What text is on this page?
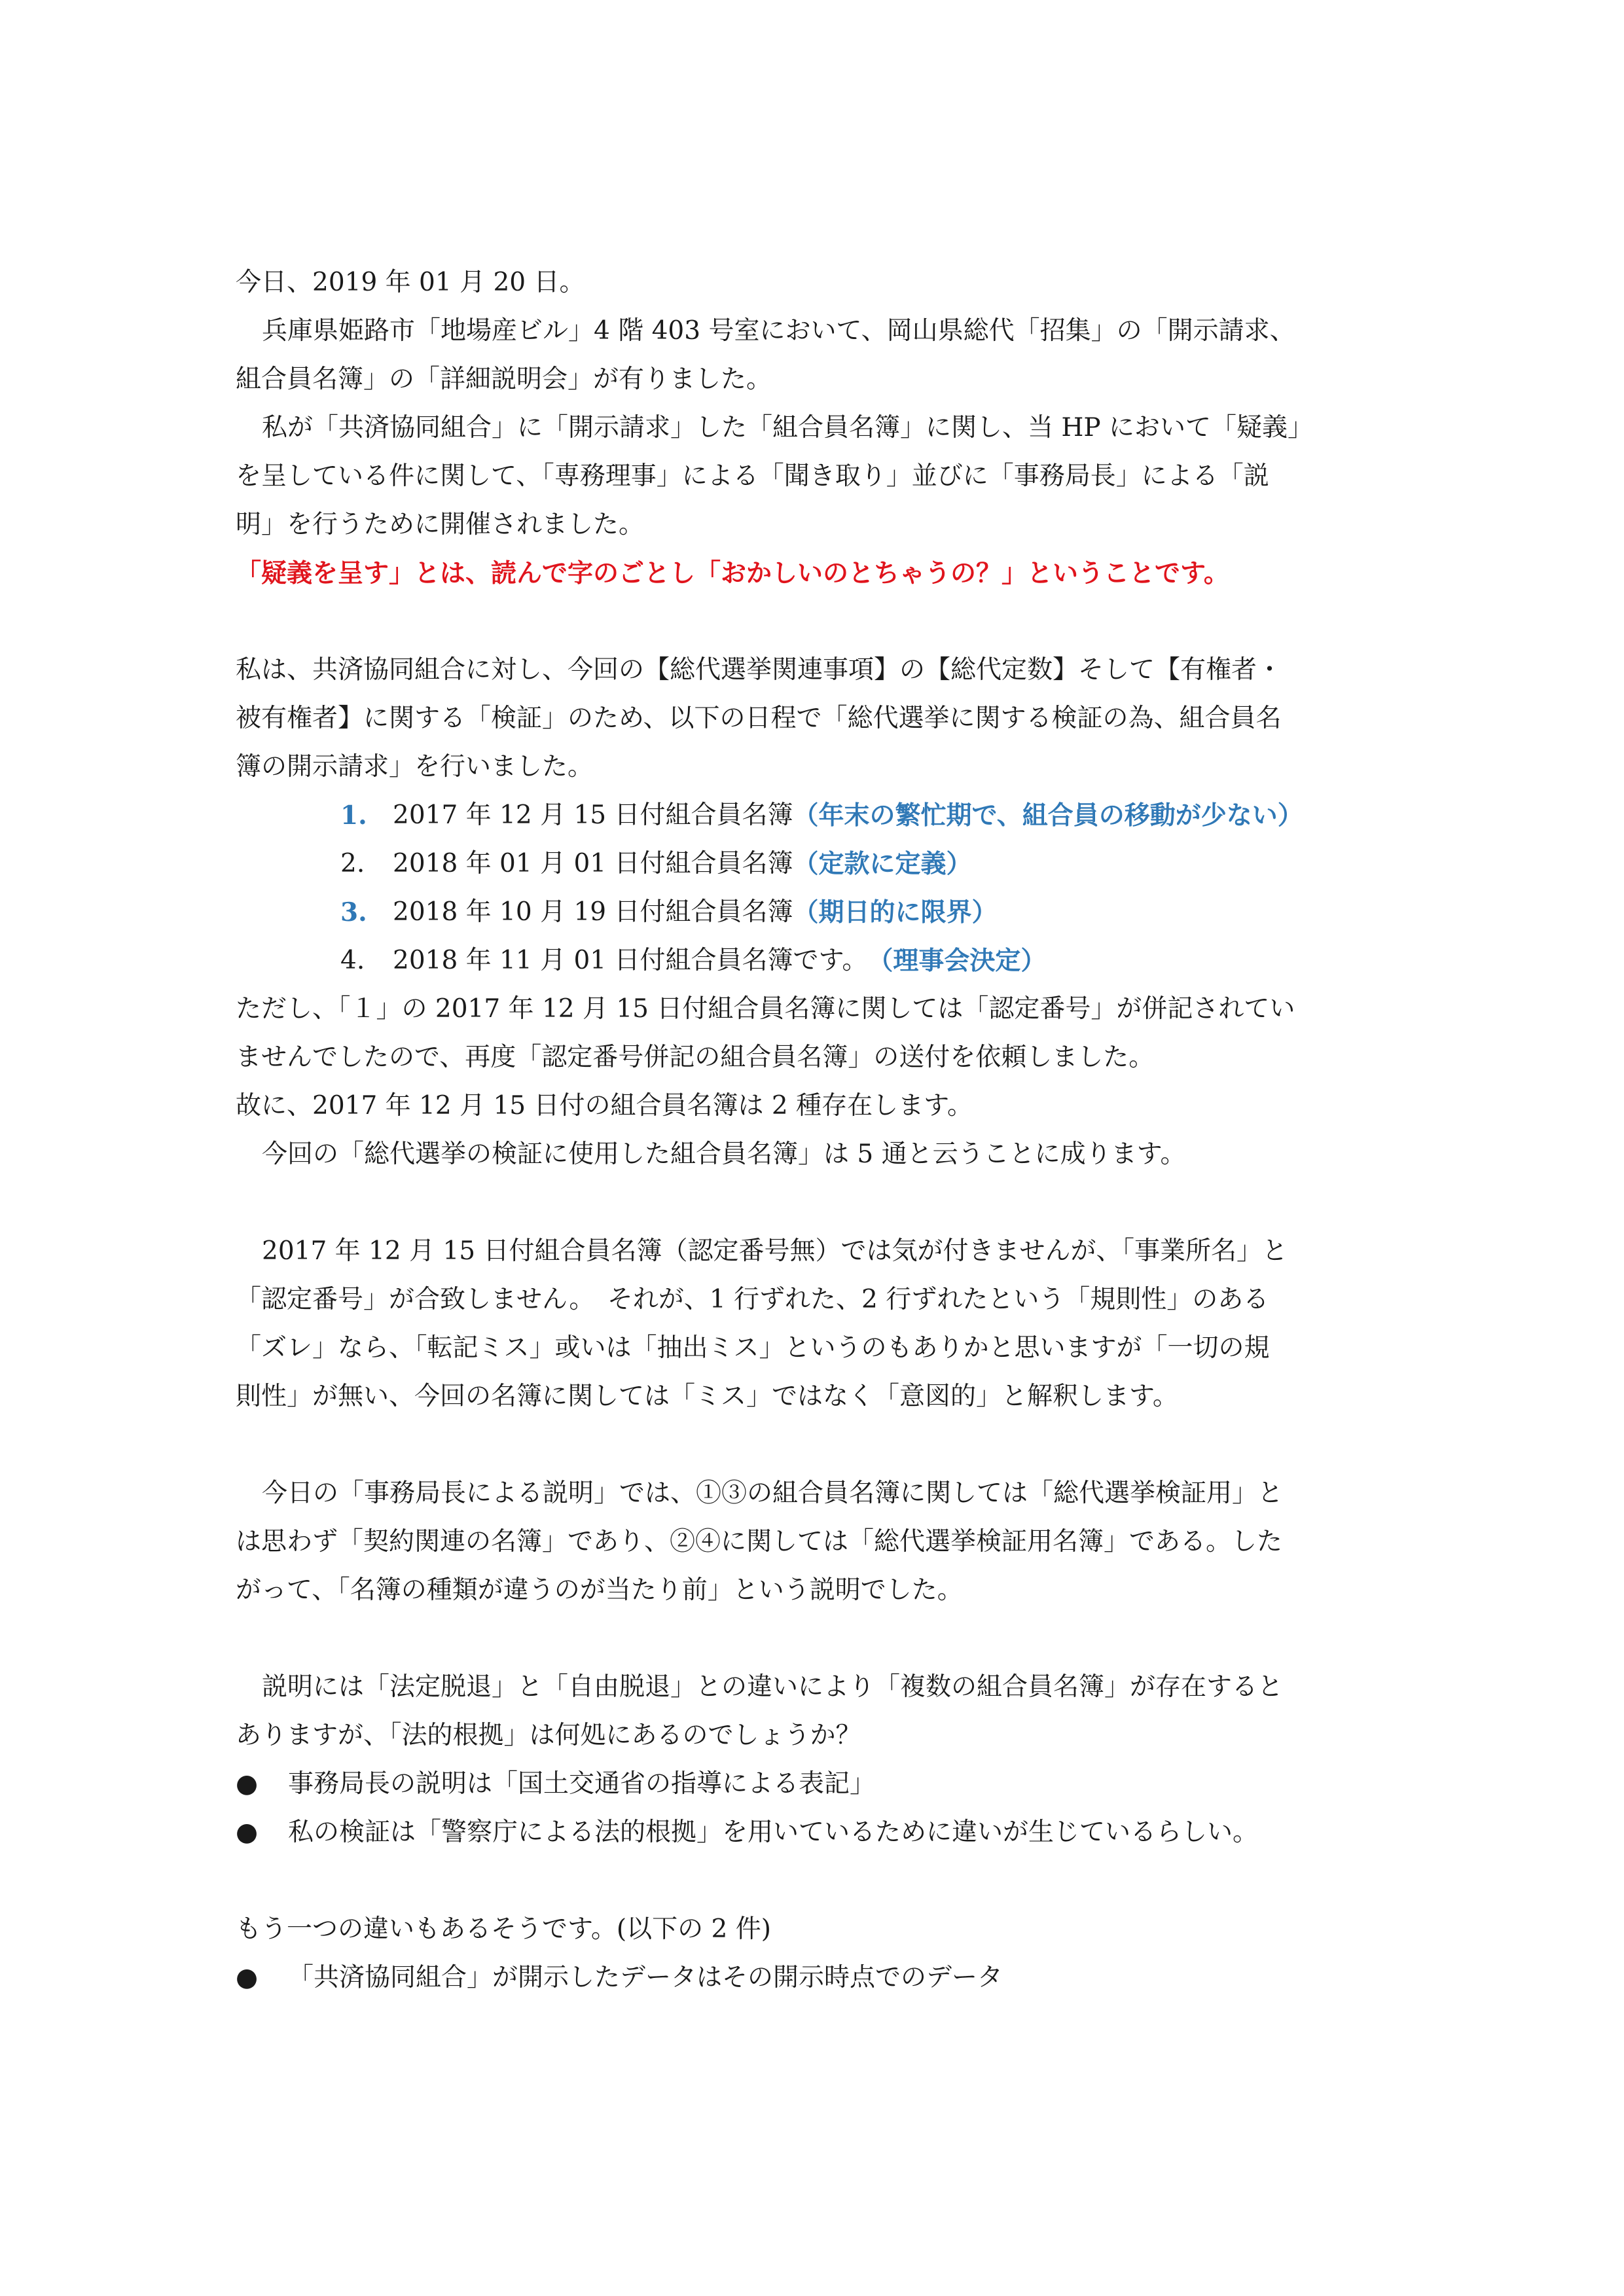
今日、2019 年 01 月 20 日。
兵庫県姫路市「地場産ビル」4 階 403 号室において、岡山県総代「招集」の「開示請求、
組合員名簿」の「詳細説明会」が有りました。
私が「共済協同組合」に「開示請求」した「組合員名簿」に関し、当 HP において「疑義」
を呈している件に関して、「専務理事」による「聞き取り」並びに「事務局長」による「説
明」を行うために開催されました。
「疑義を呈す」とは、読んで字のごとし「おかしいのとちゃうの？」ということです。
私は、共済協同組合に対し、今回の【総代選挙関連事項】の【総代定数】そして【有権者・
被有権者】に関する「検証」のため、以下の日程で「総代選挙に関する検証の為、組合員名
簿の開示請求」を行いました。
1.	2017 年 12 月 15 日付組合員名簿 （年末の繁忙期で、組合員の移動が少ない）
2.	2018 年 01 月 01 日付組合員名簿 （定款に定義）
3.	2018 年 10 月 19 日付組合員名簿 （期日的に限界）
4.	2018 年 11 月 01 日付組合員名簿です。 （理事会決定）
ただし、「１」の 2017 年 12 月 15 日付組合員名簿に関しては「認定番号」が併記されてい
ませんでしたので、再度「認定番号併記の組合員名簿」の送付を依頼しました。
故に、2017 年 12 月 15 日付の組合員名簿は 2 種存在します。
今回の「総代選挙の検証に使用した組合員名簿」は 5 通と云うことに成ります。
2017 年 12 月 15 日付組合員名簿（認定番号無）では気が付きませんが、「事業所名」と
「認定番号」が合致しません。　それが、1 行ずれた、2 行ずれたという「規則性」のある
「ズレ」なら、「転記ミス」或いは「抽出ミス」というのもありかと思いますが「一切の規
則性」が無い、今回の名簿に関しては「ミス」ではなく「意図的」と解釈します。
今日の「事務局長による説明」では、①③の組合員名簿に関しては「総代選挙検証用」と
は思わず「契約関連の名簿」であり、②④に関しては「総代選挙検証用名簿」である。した
がって、「名簿の種類が違うのが当たり前」という説明でした。
説明には「法定脱退」と「自由脱退」との違いにより「複数の組合員名簿」が存在すると
ありますが、「法的根拠」は何処にあるのでしょうか？
●	事務局長の説明は「国土交通省の指導による表記」
●	私の検証は「警察庁による法的根拠」を用いているために違いが生じているらしい。
もう一つの違いもあるそうです。(以下の 2 件)
●	「共済協同組合」が開示したデータはその開示時点でのデータ
